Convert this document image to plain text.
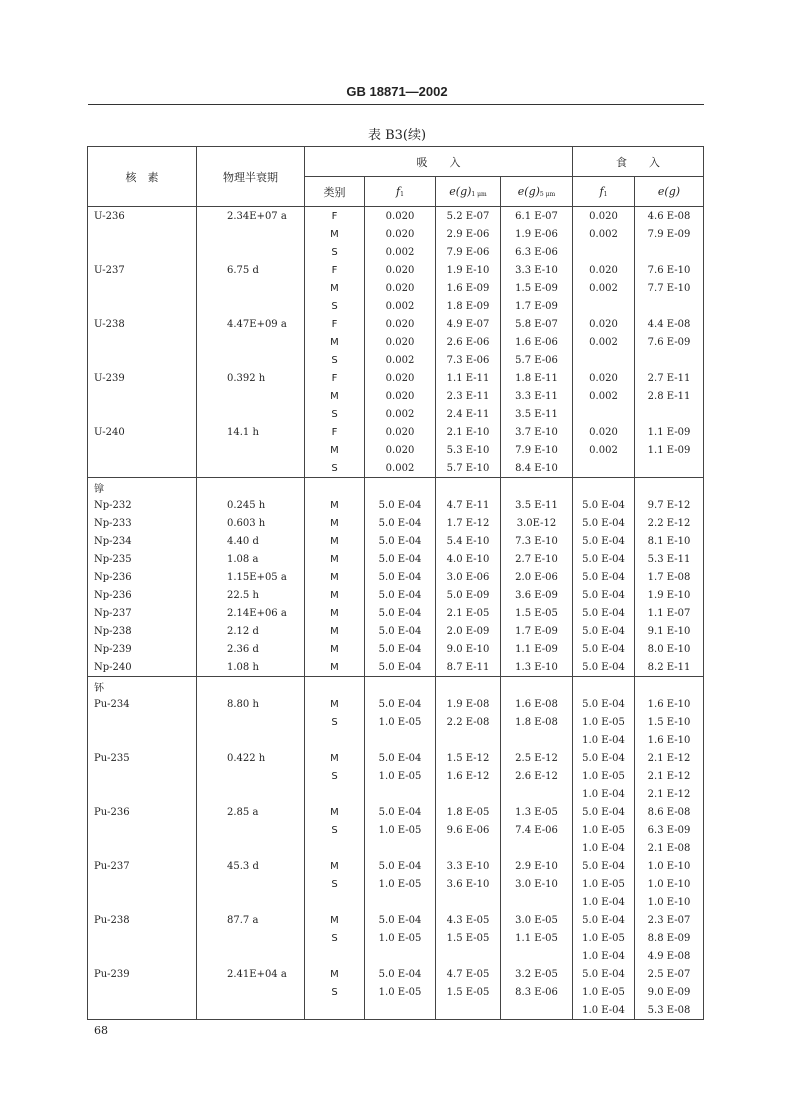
GB 18871—2002
表 B3(续)
核　素	物理半衰期	吸　　入				食　　入	
		类别	f1	e(g)1 μm	e(g)5 μm	f1	e(g)
U-236	2.34E+07 a	F	0.020	5.2 E-07	6.1 E-07	0.020	4.6 E-08
		M	0.020	2.9 E-06	1.9 E-06	0.002	7.9 E-09
		S	0.002	7.9 E-06	6.3 E-06		
U-237	6.75 d	F	0.020	1.9 E-10	3.3 E-10	0.020	7.6 E-10
		M	0.020	1.6 E-09	1.5 E-09	0.002	7.7 E-10
		S	0.002	1.8 E-09	1.7 E-09		
U-238	4.47E+09 a	F	0.020	4.9 E-07	5.8 E-07	0.020	4.4 E-08
		M	0.020	2.6 E-06	1.6 E-06	0.002	7.6 E-09
		S	0.002	7.3 E-06	5.7 E-06		
U-239	0.392 h	F	0.020	1.1 E-11	1.8 E-11	0.020	2.7 E-11
		M	0.020	2.3 E-11	3.3 E-11	0.002	2.8 E-11
		S	0.002	2.4 E-11	3.5 E-11		
U-240	14.1 h	F	0.020	2.1 E-10	3.7 E-10	0.020	1.1 E-09
		M	0.020	5.3 E-10	7.9 E-10	0.002	1.1 E-09
		S	0.002	5.7 E-10	8.4 E-10		
镎							
Np-232	0.245 h	M	5.0 E-04	4.7 E-11	3.5 E-11	5.0 E-04	9.7 E-12
Np-233	0.603 h	M	5.0 E-04	1.7 E-12	3.0E-12	5.0 E-04	2.2 E-12
Np-234	4.40 d	M	5.0 E-04	5.4 E-10	7.3 E-10	5.0 E-04	8.1 E-10
Np-235	1.08 a	M	5.0 E-04	4.0 E-10	2.7 E-10	5.0 E-04	5.3 E-11
Np-236	1.15E+05 a	M	5.0 E-04	3.0 E-06	2.0 E-06	5.0 E-04	1.7 E-08
Np-236	22.5 h	M	5.0 E-04	5.0 E-09	3.6 E-09	5.0 E-04	1.9 E-10
Np-237	2.14E+06 a	M	5.0 E-04	2.1 E-05	1.5 E-05	5.0 E-04	1.1 E-07
Np-238	2.12 d	M	5.0 E-04	2.0 E-09	1.7 E-09	5.0 E-04	9.1 E-10
Np-239	2.36 d	M	5.0 E-04	9.0 E-10	1.1 E-09	5.0 E-04	8.0 E-10
Np-240	1.08 h	M	5.0 E-04	8.7 E-11	1.3 E-10	5.0 E-04	8.2 E-11
钚							
Pu-234	8.80 h	M	5.0 E-04	1.9 E-08	1.6 E-08	5.0 E-04	1.6 E-10
		S	1.0 E-05	2.2 E-08	1.8 E-08	1.0 E-05	1.5 E-10
						1.0 E-04	1.6 E-10
Pu-235	0.422 h	M	5.0 E-04	1.5 E-12	2.5 E-12	5.0 E-04	2.1 E-12
		S	1.0 E-05	1.6 E-12	2.6 E-12	1.0 E-05	2.1 E-12
						1.0 E-04	2.1 E-12
Pu-236	2.85 a	M	5.0 E-04	1.8 E-05	1.3 E-05	5.0 E-04	8.6 E-08
		S	1.0 E-05	9.6 E-06	7.4 E-06	1.0 E-05	6.3 E-09
						1.0 E-04	2.1 E-08
Pu-237	45.3 d	M	5.0 E-04	3.3 E-10	2.9 E-10	5.0 E-04	1.0 E-10
		S	1.0 E-05	3.6 E-10	3.0 E-10	1.0 E-05	1.0 E-10
						1.0 E-04	1.0 E-10
Pu-238	87.7 a	M	5.0 E-04	4.3 E-05	3.0 E-05	5.0 E-04	2.3 E-07
		S	1.0 E-05	1.5 E-05	1.1 E-05	1.0 E-05	8.8 E-09
						1.0 E-04	4.9 E-08
Pu-239	2.41E+04 a	M	5.0 E-04	4.7 E-05	3.2 E-05	5.0 E-04	2.5 E-07
		S	1.0 E-05	1.5 E-05	8.3 E-06	1.0 E-05	9.0 E-09
						1.0 E-04	5.3 E-08
68
